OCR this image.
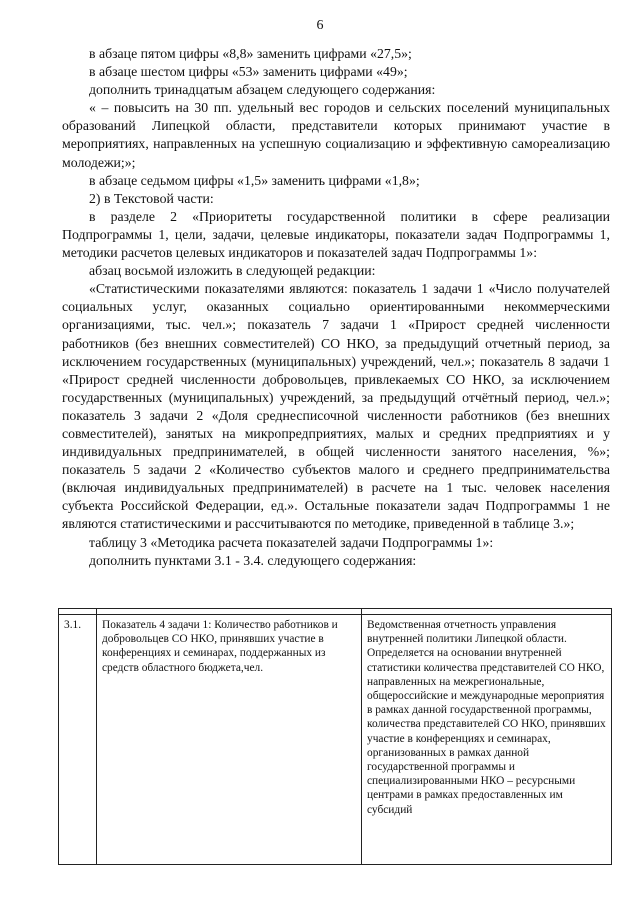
6

в абзаце пятом цифры «8,8» заменить цифрами «27,5»;

в абзаце шестом цифры «53» заменить цифрами «49»;

дополнить тринадцатым абзацем следующего содержания:

« – повысить на 30 пп. удельный вес городов и сельских поселений муниципальных образований Липецкой области, представители которых принимают участие в мероприятиях, направленных на успешную социализацию и эффективную самореализацию молодежи;»;

в абзаце седьмом цифры «1,5» заменить цифрами «1,8»;

2) в Текстовой части:

в разделе 2 «Приоритеты государственной политики в сфере реализации Подпрограммы 1, цели, задачи, целевые индикаторы, показатели задач Подпрограммы 1, методики расчетов целевых индикаторов и показателей задач Подпрограммы 1»:

абзац восьмой изложить в следующей редакции:

«Статистическими показателями являются: показатель 1 задачи 1 «Число получателей социальных услуг, оказанных социально ориентированными некоммерческими организациями, тыс. чел.»; показатель 7 задачи 1 «Прирост средней численности работников (без внешних совместителей) СО НКО, за предыдущий отчетный период, за исключением государственных (муниципальных) учреждений, чел.»; показатель 8 задачи 1 «Прирост средней численности добровольцев, привлекаемых СО НКО, за исключением государственных (муниципальных) учреждений, за предыдущий отчётный период, чел.»; показатель 3 задачи 2 «Доля среднесписочной численности работников (без внешних совместителей), занятых на микропредприятиях, малых и средних предприятиях и у индивидуальных предпринимателей, в общей численности занятого населения, %»; показатель 5 задачи 2 «Количество субъектов малого и среднего предпринимательства (включая индивидуальных предпринимателей) в расчете на 1 тыс. человек населения субъекта Российской Федерации, ед.». Остальные показатели задач Подпрограммы 1 не являются статистическими и рассчитываются по методике, приведенной в таблице 3.»;

таблицу 3 «Методика расчета показателей задачи Подпрограммы 1»:

дополнить пунктами 3.1 - 3.4. следующего содержания:

3.1.	Показатель 4 задачи 1: Количество работников и добровольцев СО НКО, принявших участие в конференциях и семинарах, поддержанных из средств областного бюджета,чел.	Ведомственная отчетность управления внутренней политики Липецкой области. Определяется на основании внутренней статистики количества представителей СО НКО, направленных на межрегиональные, общероссийские и международные мероприятия в рамках данной государственной программы, количества представителей СО НКО, принявших участие в конференциях и семинарах, организованных в рамках данной государственной программы и специализированными НКО – ресурсными центрами в рамках предоставленных им субсидий
